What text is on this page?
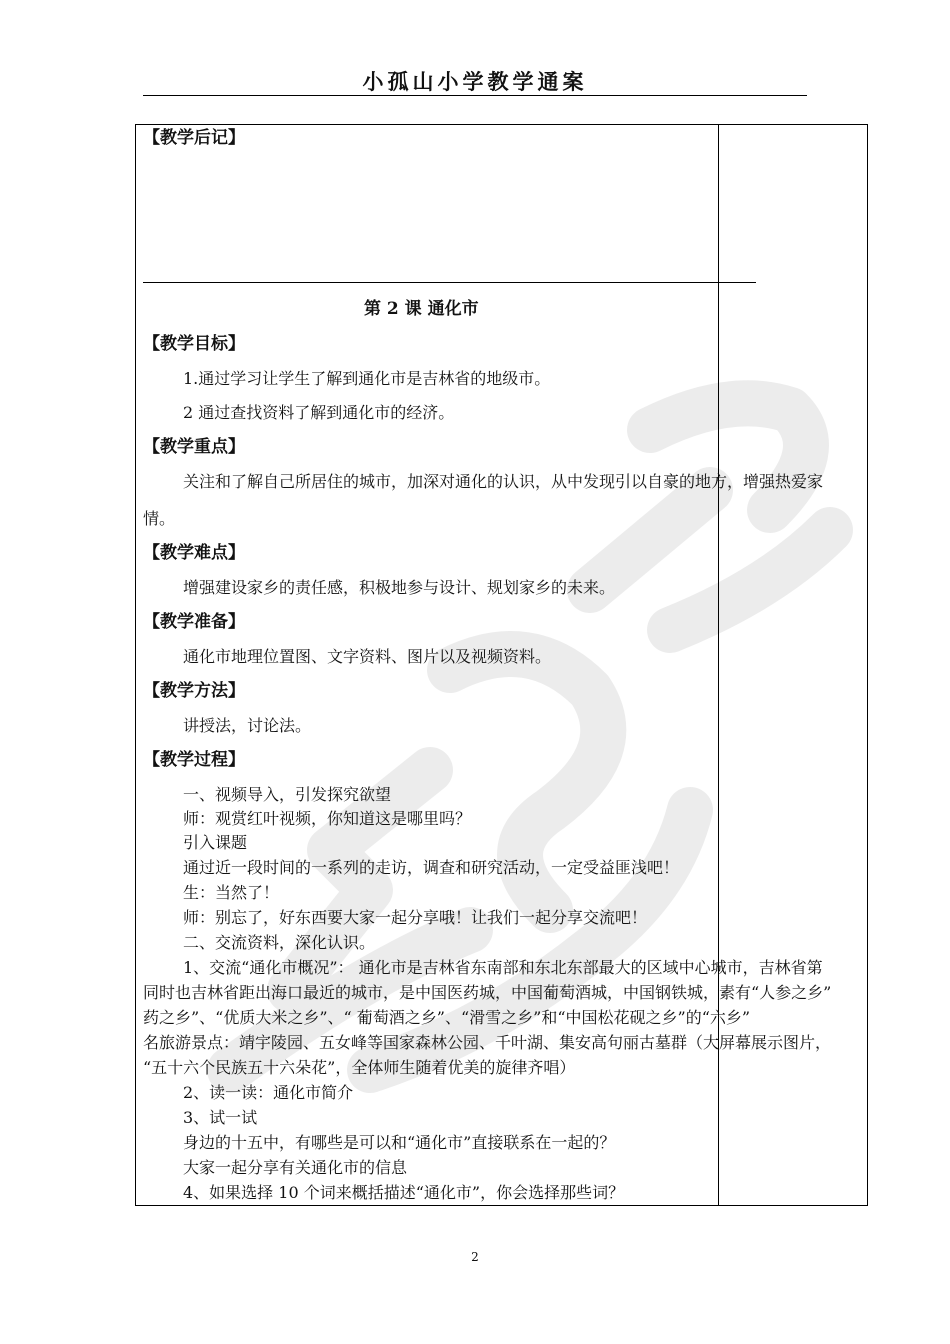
小孤山小学教学通案
【教学后记】
第 2 课 通化市
【教学目标】
1.通过学习让学生了解到通化市是吉林省的地级市。
2 通过查找资料了解到通化市的经济。
【教学重点】
关注和了解自己所居住的城市，加深对通化的认识，从中发现引以自豪的地方，增强热爱家
情。
【教学难点】
增强建设家乡的责任感，积极地参与设计、规划家乡的未来。
【教学准备】
通化市地理位置图、文字资料、图片以及视频资料。
【教学方法】
讲授法，讨论法。
【教学过程】
一、视频导入，引发探究欲望
师：观赏红叶视频，你知道这是哪里吗？
引入课题
通过近一段时间的一系列的走访，调查和研究活动，一定受益匪浅吧！
生：当然了！
师：别忘了，好东西要大家一起分享哦！让我们一起分享交流吧！
二、交流资料，深化认识。
1、交流“通化市概况”： 通化市是吉林省东南部和东北东部最大的区域中心城市，吉林省第
同时也吉林省距出海口最近的城市，是中国医药城，中国葡萄酒城，中国钢铁城，素有“人参之乡”
药之乡”、“优质大米之乡”、“ 葡萄酒之乡”、“滑雪之乡”和“中国松花砚之乡”的“六乡”
名旅游景点：靖宇陵园、五女峰等国家森林公园、千叶湖、集安高句丽古墓群（大屏幕展示图片，
“五十六个民族五十六朵花”，全体师生随着优美的旋律齐唱）
2、读一读：通化市简介
3、试一试
身边的十五中，有哪些是可以和“通化市”直接联系在一起的？
大家一起分享有关通化市的信息
4、如果选择 10 个词来概括描述“通化市”，你会选择那些词？
2
